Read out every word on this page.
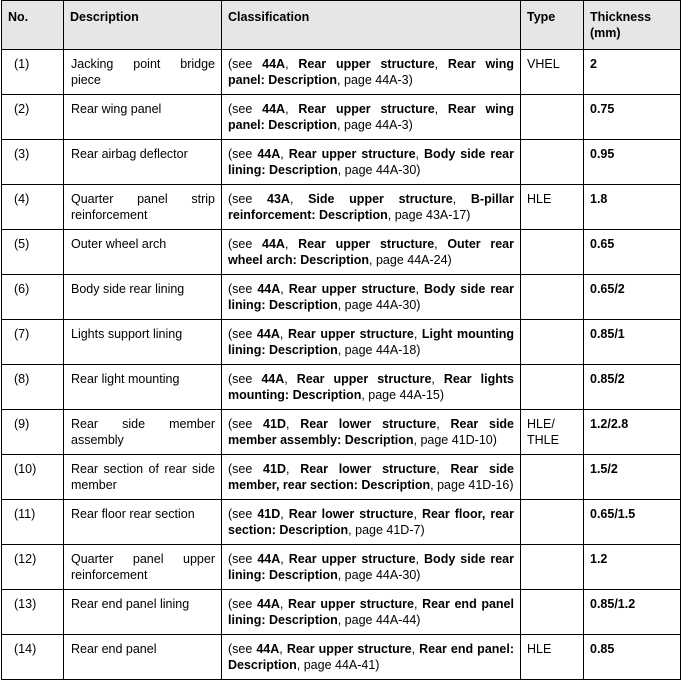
No.	Description	Classification	Type	Thickness (mm)

(1)	Jacking point bridge piece	(see 44A, Rear upper structure, Rear wing panel: Description, page 44A-3)	VHEL	2

(2)	Rear wing panel	(see 44A, Rear upper structure, Rear wing panel: Description, page 44A-3)		0.75

(3)	Rear airbag deflector	(see 44A, Rear upper structure, Body side rear lining: Description, page 44A-30)		0.95

(4)	Quarter panel strip reinforcement	(see 43A, Side upper structure, B-pillar reinforcement: Description, page 43A-17)	HLE	1.8

(5)	Outer wheel arch	(see 44A, Rear upper structure, Outer rear wheel arch: Description, page 44A-24)		0.65

(6)	Body side rear lining	(see 44A, Rear upper structure, Body side rear lining: Description, page 44A-30)		0.65/2

(7)	Lights support lining	(see 44A, Rear upper structure, Light mounting lining: Description, page 44A-18)		0.85/1

(8)	Rear light mounting	(see 44A, Rear upper structure, Rear lights mounting: Description, page 44A-15)		0.85/2

(9)	Rear side member assembly	(see 41D, Rear lower structure, Rear side member assembly: Description, page 41D-10)	HLE/ THLE	1.2/2.8

(10)	Rear section of rear side member	(see 41D, Rear lower structure, Rear side member, rear section: Description, page 41D-16)		1.5/2

(11)	Rear floor rear section	(see 41D, Rear lower structure, Rear floor, rear section: Description, page 41D-7)		0.65/1.5

(12)	Quarter panel upper reinforcement	(see 44A, Rear upper structure, Body side rear lining: Description, page 44A-30)		1.2

(13)	Rear end panel lining	(see 44A, Rear upper structure, Rear end panel lining: Description, page 44A-44)		0.85/1.2

(14)	Rear end panel	(see 44A, Rear upper structure, Rear end panel: Description, page 44A-41)	HLE	0.85
